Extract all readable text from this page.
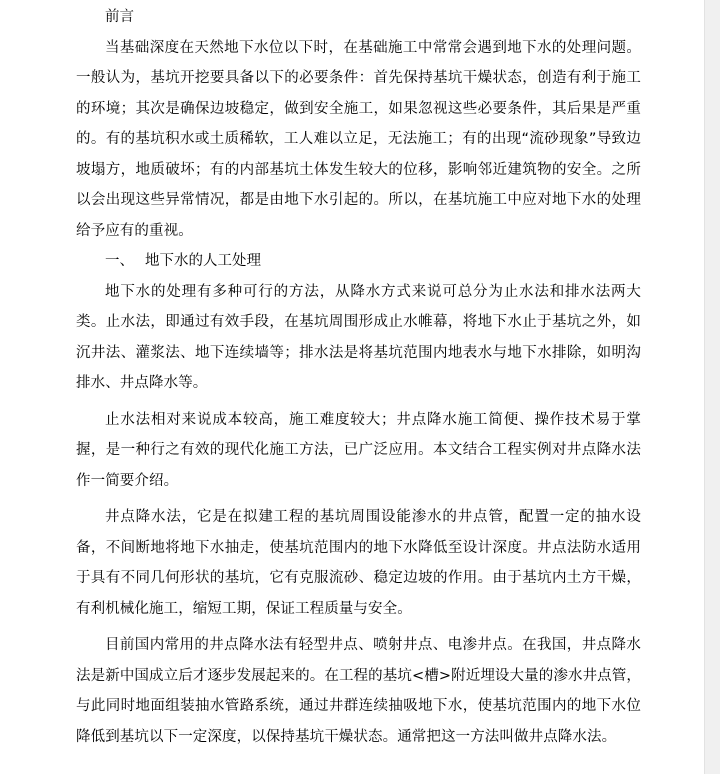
前言

当基础深度在天然地下水位以下时，在基础施工中常常会遇到地下水的处理问题。一般认为，基坑开挖要具备以下的必要条件：首先保持基坑干燥状态，创造有利于施工的环境；其次是确保边坡稳定，做到安全施工，如果忽视这些必要条件，其后果是严重的。有的基坑积水或土质稀软，工人难以立足，无法施工；有的出现“流砂现象”导致边坡塌方，地质破坏；有的内部基坑土体发生较大的位移，影响邻近建筑物的安全。之所以会出现这些异常情况，都是由地下水引起的。所以，在基坑施工中应对地下水的处理给予应有的重视。

一、 地下水的人工处理

地下水的处理有多种可行的方法，从降水方式来说可总分为止水法和排水法两大类。止水法，即通过有效手段，在基坑周围形成止水帷幕，将地下水止于基坑之外，如沉井法、灌浆法、地下连续墙等；排水法是将基坑范围内地表水与地下水排除，如明沟排水、井点降水等。

止水法相对来说成本较高，施工难度较大；井点降水施工简便、操作技术易于掌握，是一种行之有效的现代化施工方法，已广泛应用。本文结合工程实例对井点降水法作一简要介绍。

井点降水法，它是在拟建工程的基坑周围设能渗水的井点管，配置一定的抽水设备，不间断地将地下水抽走，使基坑范围内的地下水降低至设计深度。井点法防水适用于具有不同几何形状的基坑，它有克服流砂、稳定边坡的作用。由于基坑内土方干燥，有利机械化施工，缩短工期，保证工程质量与安全。

目前国内常用的井点降水法有轻型井点、喷射井点、电渗井点。在我国，井点降水法是新中国成立后才逐步发展起来的。在工程的基坑<槽>附近埋设大量的渗水井点管，与此同时地面组装抽水管路系统，通过井群连续抽吸地下水，使基坑范围内的地下水位降低到基坑以下一定深度，以保持基坑干燥状态。通常把这一方法叫做井点降水法。
